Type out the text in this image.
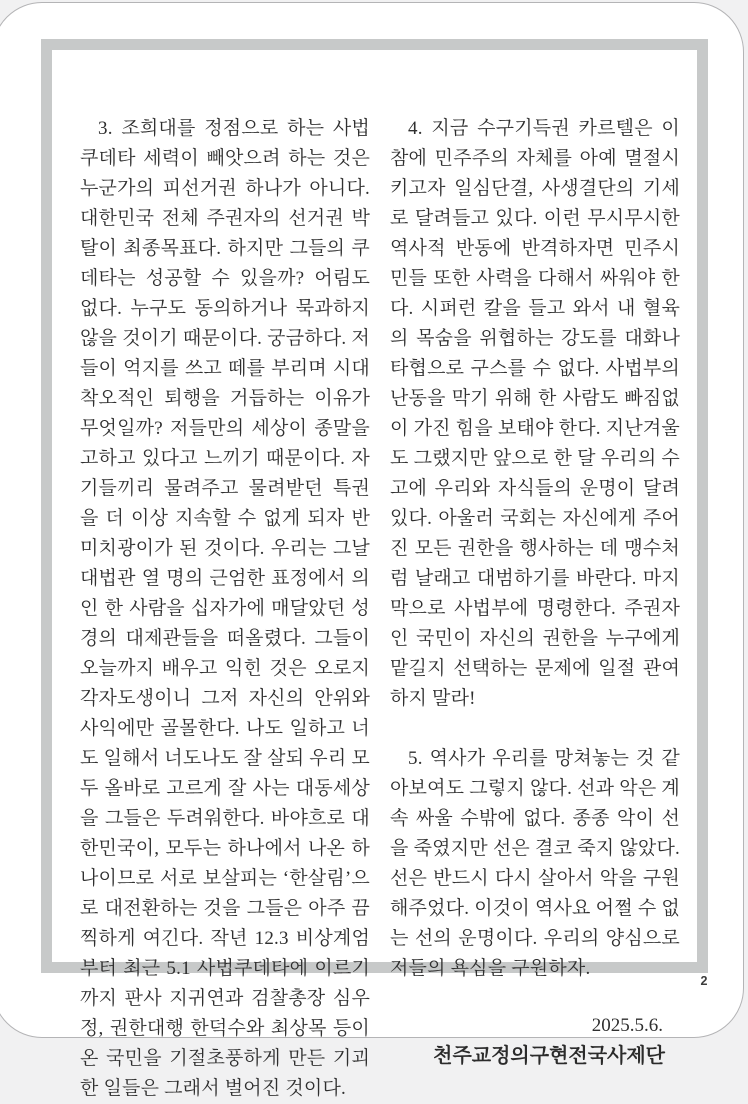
3. 조희대를 정점으로 하는 사법쿠데타 세력이 빼앗으려 하는 것은 누군가의 피선거권 하나가 아니다. 대한민국 전체 주권자의 선거권 박탈이 최종목표다. 하지만 그들의 쿠데타는 성공할 수 있을까? 어림도 없다. 누구도 동의하거나 묵과하지 않을 것이기 때문이다. 궁금하다. 저들이 억지를 쓰고 떼를 부리며 시대착오적인 퇴행을 거듭하는 이유가 무엇일까? 저들만의 세상이 종말을 고하고 있다고 느끼기 때문이다. 자기들끼리 물려주고 물려받던 특권을 더 이상 지속할 수 없게 되자 반미치광이가 된 것이다. 우리는 그날 대법관 열 명의 근엄한 표정에서 의인 한 사람을 십자가에 매달았던 성경의 대제관들을 떠올렸다. 그들이 오늘까지 배우고 익힌 것은 오로지 각자도생이니 그저 자신의 안위와 사익에만 골몰한다. 나도 일하고 너도 일해서 너도나도 잘 살되 우리 모두 올바로 고르게 잘 사는 대동세상을 그들은 두려워한다. 바야흐로 대한민국이, 모두는 하나에서 나온 하나이므로 서로 보살피는 ‘한살림’으로 대전환하는 것을 그들은 아주 끔찍하게 여긴다. 작년 12.3 비상계엄부터 최근 5.1 사법쿠데타에 이르기까지 판사 지귀연과 검찰총장 심우정, 권한대행 한덕수와 최상목 등이 온 국민을 기절초풍하게 만든 기괴한 일들은 그래서 벌어진 것이다.

4. 지금 수구기득권 카르텔은 이참에 민주주의 자체를 아예 멸절시키고자 일심단결, 사생결단의 기세로 달려들고 있다. 이런 무시무시한 역사적 반동에 반격하자면 민주시민들 또한 사력을 다해서 싸워야 한다. 시퍼런 칼을 들고 와서 내 혈육의 목숨을 위협하는 강도를 대화나 타협으로 구스를 수 없다. 사법부의 난동을 막기 위해 한 사람도 빠짐없이 가진 힘을 보태야 한다. 지난겨울도 그랬지만 앞으로 한 달 우리의 수고에 우리와 자식들의 운명이 달려 있다. 아울러 국회는 자신에게 주어진 모든 권한을 행사하는 데 맹수처럼 날래고 대범하기를 바란다. 마지막으로 사법부에 명령한다. 주권자인 국민이 자신의 권한을 누구에게 맡길지 선택하는 문제에 일절 관여하지 말라!

5. 역사가 우리를 망쳐놓는 것 같아보여도 그렇지 않다. 선과 악은 계속 싸울 수밖에 없다. 종종 악이 선을 죽였지만 선은 결코 죽지 않았다. 선은 반드시 다시 살아서 악을 구원해주었다. 이것이 역사요 어쩔 수 없는 선의 운명이다. 우리의 양심으로 저들의 욕심을 구원하자.

2025.5.6.

천주교정의구현전국사제단

2
